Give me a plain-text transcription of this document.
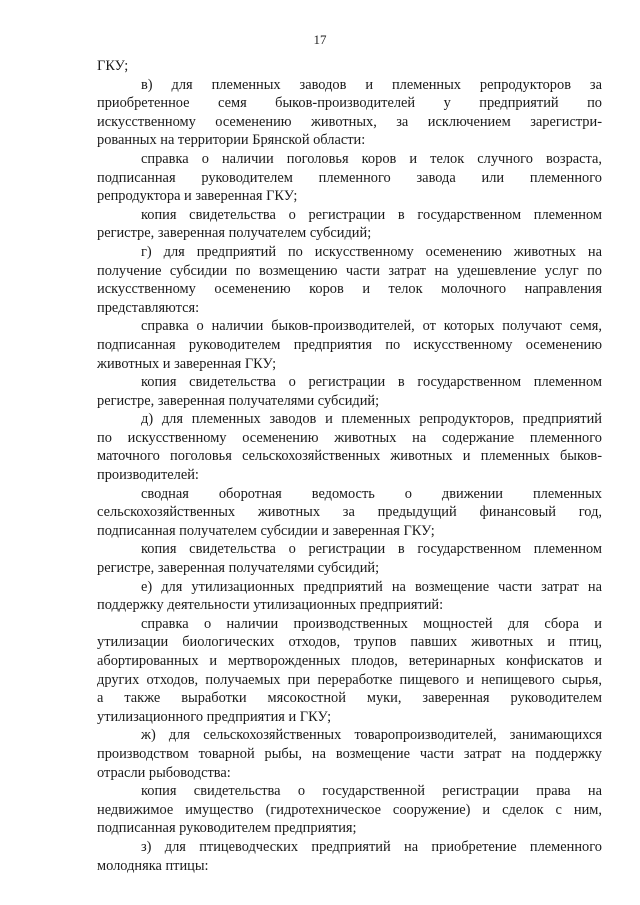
17
ГКУ;
в) для племенных заводов и племенных репродукторов за
приобретенное семя быков-производителей у предприятий по
искусственному осеменению животных, за исключением зарегистри-
рованных на территории Брянской области:
справка о наличии поголовья коров и телок случного возраста,
подписанная руководителем племенного завода или племенного
репродуктора и заверенная ГКУ;
копия свидетельства о регистрации в государственном племенном
регистре, заверенная получателем субсидий;
г) для предприятий по искусственному осеменению животных на
получение субсидии по возмещению части затрат на удешевление услуг по
искусственному осеменению коров и телок молочного направления
представляются:
справка о наличии быков-производителей, от которых получают семя,
подписанная руководителем предприятия по искусственному осеменению
животных и заверенная ГКУ;
копия свидетельства о регистрации в государственном племенном
регистре, заверенная получателями субсидий;
д) для племенных заводов и племенных репродукторов, предприятий
по искусственному осеменению животных на содержание племенного
маточного поголовья сельскохозяйственных животных и племенных быков-
производителей:
сводная оборотная ведомость о движении племенных
сельскохозяйственных животных за предыдущий финансовый год,
подписанная получателем субсидии и заверенная ГКУ;
копия свидетельства о регистрации в государственном племенном
регистре, заверенная получателями субсидий;
е) для утилизационных предприятий на возмещение части затрат на
поддержку деятельности утилизационных предприятий:
справка о наличии производственных мощностей для сбора и
утилизации биологических отходов, трупов павших животных и птиц,
абортированных и мертворожденных плодов, ветеринарных конфискатов и
других отходов, получаемых при переработке пищевого и непищевого сырья,
а также выработки мясокостной муки, заверенная руководителем
утилизационного предприятия и ГКУ;
ж) для сельскохозяйственных товаропроизводителей, занимающихся
производством товарной рыбы, на возмещение части затрат на поддержку
отрасли рыбоводства:
копия свидетельства о государственной регистрации права на
недвижимое имущество (гидротехническое сооружение) и сделок с ним,
подписанная руководителем предприятия;
з) для птицеводческих предприятий на приобретение племенного
молодняка птицы:
